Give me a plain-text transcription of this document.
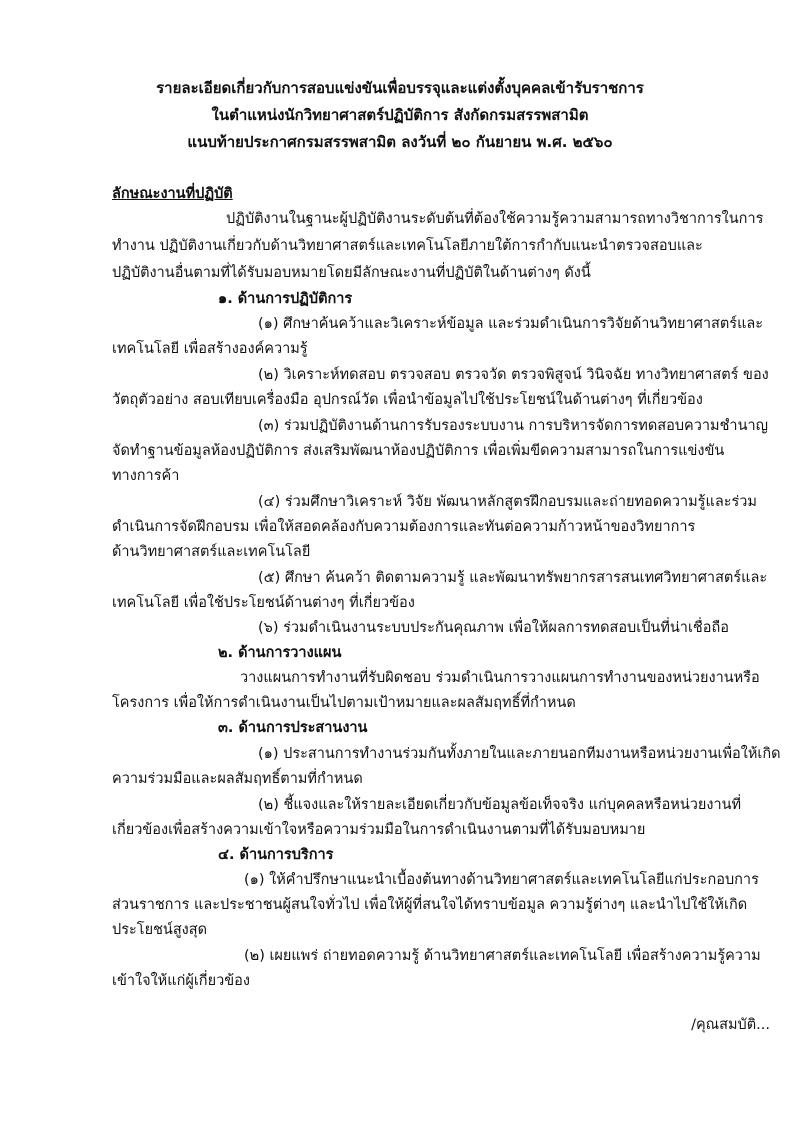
รายละเอียดเกี่ยวกับการสอบแข่งขันเพื่อบรรจุและแต่งตั้งบุคคลเข้ารับราชการ
ในตำแหน่งนักวิทยาศาสตร์ปฏิบัติการ สังกัดกรมสรรพสามิต
แนบท้ายประกาศกรมสรรพสามิต ลงวันที่ ๒๐ กันยายน พ.ศ. ๒๕๖๐
ลักษณะงานที่ปฏิบัติ
ปฏิบัติงานในฐานะผู้ปฏิบัติงานระดับต้นที่ต้องใช้ความรู้ความสามารถทางวิชาการในการ
ทำงาน ปฏิบัติงานเกี่ยวกับด้านวิทยาศาสตร์และเทคโนโลยีภายใต้การกำกับแนะนำตรวจสอบและ
ปฏิบัติงานอื่นตามที่ได้รับมอบหมายโดยมีลักษณะงานที่ปฏิบัติในด้านต่างๆ ดังนี้
๑. ด้านการปฏิบัติการ
(๑) ศึกษาค้นคว้าและวิเคราะห์ข้อมูล และร่วมดำเนินการวิจัยด้านวิทยาศาสตร์และ
เทคโนโลยี เพื่อสร้างองค์ความรู้
(๒) วิเคราะห์ทดสอบ ตรวจสอบ ตรวจวัด ตรวจพิสูจน์ วินิจฉัย ทางวิทยาศาสตร์ ของ
วัตถุตัวอย่าง สอบเทียบเครื่องมือ อุปกรณ์วัด เพื่อนำข้อมูลไปใช้ประโยชน์ในด้านต่างๆ ที่เกี่ยวข้อง
(๓) ร่วมปฏิบัติงานด้านการรับรองระบบงาน การบริหารจัดการทดสอบความชำนาญ
จัดทำฐานข้อมูลห้องปฏิบัติการ ส่งเสริมพัฒนาห้องปฏิบัติการ เพื่อเพิ่มขีดความสามารถในการแข่งขัน
ทางการค้า
(๔) ร่วมศึกษาวิเคราะห์ วิจัย พัฒนาหลักสูตรฝึกอบรมและถ่ายทอดความรู้และร่วม
ดำเนินการจัดฝึกอบรม เพื่อให้สอดคล้องกับความต้องการและทันต่อความก้าวหน้าของวิทยาการ
ด้านวิทยาศาสตร์และเทคโนโลยี
(๕) ศึกษา ค้นคว้า ติดตามความรู้ และพัฒนาทรัพยากรสารสนเทศวิทยาศาสตร์และ
เทคโนโลยี เพื่อใช้ประโยชน์ด้านต่างๆ ที่เกี่ยวข้อง
(๖) ร่วมดำเนินงานระบบประกันคุณภาพ เพื่อให้ผลการทดสอบเป็นที่น่าเชื่อถือ
๒. ด้านการวางแผน
วางแผนการทำงานที่รับผิดชอบ ร่วมดำเนินการวางแผนการทำงานของหน่วยงานหรือ
โครงการ เพื่อให้การดำเนินงานเป็นไปตามเป้าหมายและผลสัมฤทธิ์ที่กำหนด
๓. ด้านการประสานงาน
(๑) ประสานการทำงานร่วมกันทั้งภายในและภายนอกทีมงานหรือหน่วยงานเพื่อให้เกิด
ความร่วมมือและผลสัมฤทธิ์ตามที่กำหนด
(๒) ชี้แจงและให้รายละเอียดเกี่ยวกับข้อมูลข้อเท็จจริง แก่บุคคลหรือหน่วยงานที่
เกี่ยวข้องเพื่อสร้างความเข้าใจหรือความร่วมมือในการดำเนินงานตามที่ได้รับมอบหมาย
๔. ด้านการบริการ
(๑) ให้คำปรึกษาแนะนำเบื้องต้นทางด้านวิทยาศาสตร์และเทคโนโลยีแก่ประกอบการ
ส่วนราชการ และประชาชนผู้สนใจทั่วไป เพื่อให้ผู้ที่สนใจได้ทราบข้อมูล ความรู้ต่างๆ และนำไปใช้ให้เกิด
ประโยชน์สูงสุด
(๒) เผยแพร่ ถ่ายทอดความรู้ ด้านวิทยาศาสตร์และเทคโนโลยี เพื่อสร้างความรู้ความ
เข้าใจให้แก่ผู้เกี่ยวข้อง
/คุณสมบัติ...
